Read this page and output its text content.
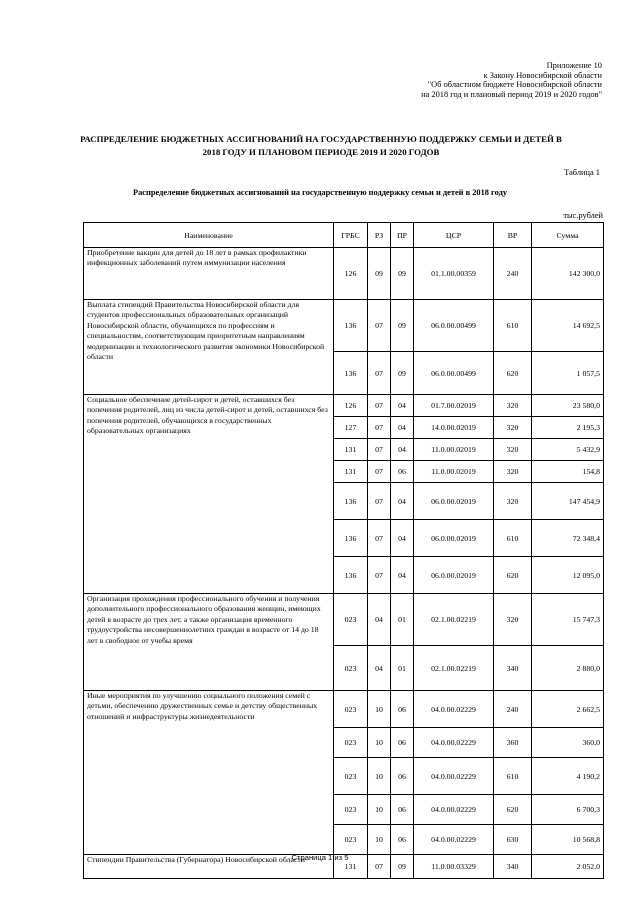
Приложение 10
к Закону Новосибирской области
"Об областном бюджете Новосибирской области
на 2018 год и плановый период 2019 и 2020 годов"
РАСПРЕДЕЛЕНИЕ БЮДЖЕТНЫХ АССИГНОВАНИЙ НА ГОСУДАРСТВЕННУЮ ПОДДЕРЖКУ СЕМЬИ И ДЕТЕЙ В 2018 ГОДУ И ПЛАНОВОМ ПЕРИОДЕ 2019 И 2020 ГОДОВ
Таблица 1
Распределение бюджетных ассигнований на государственную поддержку семьи и детей в 2018 году
тыс.рублей
Наименование	ГРБС	РЗ	ПР	ЦСР	ВР	Сумма
Приобретение вакцин для детей до 18 лет в рамках профилактики инфекционных заболеваний путем иммунизации населения	126	09	09	01.1.00.00359	240	142 300,0
Выплата стипендий Правительства Новосибирской области для студентов профессиональных образовательных организаций Новосибирской области, обучающихся по профессиям и специальностям, соответствующим приоритетным направлениям модернизации и технологического развития экономики Новосибирской области	136	07	09	06.0.00.00499	610	14 692,5
	136	07	09	06.0.00.00499	620	1 057,5
Социальное обеспечение детей-сирот и детей, оставшихся без попечения родителей, лиц из числа детей-сирот и детей, оставшихся без попечения родителей, обучающихся в государственных образовательных организациях	126	07	04	01.7.00.02019	320	23 580,0
	127	07	04	14.0.00.02019	320	2 195,3
	131	07	04	11.0.00.02019	320	5 432,9
	131	07	06	11.0.00.02019	320	154,8
	136	07	04	06.0.00.02019	320	147 454,9
	136	07	04	06.0.00.02019	610	72 348,4
	136	07	04	06.0.00.02019	620	12 095,0
Организация прохождения профессионального обучения и получения дополнительного профессионального образования женщин, имеющих детей в возрасте до трех лет, а также организация временного трудоустройства несовершеннолетних граждан в возрасте от 14 до 18 лет в свободное от учебы время	023	04	01	02.1.00.02219	320	15 747,3
	023	04	01	02.1.00.02219	340	2 880,0
Иные мероприятия по улучшению социального положения семей с детьми, обеспечению дружественных семье и детству общественных отношений и инфраструктуры жизнедеятельности	023	10	06	04.0.00.02229	240	2 662,5
	023	10	06	04.0.00.02229	360	360,0
	023	10	06	04.0.00.02229	610	4 190,2
	023	10	06	04.0.00.02229	620	6 700,3
	023	10	06	04.0.00.02229	630	10 568,8
Стипендии Правительства (Губернатора) Новосибирской области	131	07	09	11.0.00.03329	340	2 052,0
Страница 1 из 5
